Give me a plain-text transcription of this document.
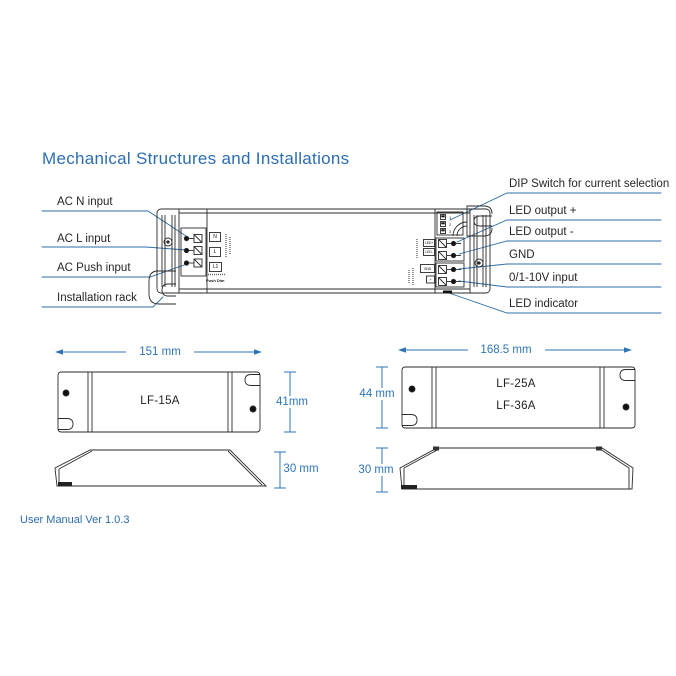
Mechanical Structures and Installations
AC N input
AC L input
AC Push input
Installation rack
DIP Switch for current selection
LED output +
LED output -
GND
0/1-10V input
LED indicator
N
L
L1
Push Dim
1
2
3
LED+
LED-
GND
+
151 mm
41mm
30 mm
168.5 mm
44 mm
30 mm
LF-15A
LF-25A
LF-36A
User Manual Ver 1.0.3
